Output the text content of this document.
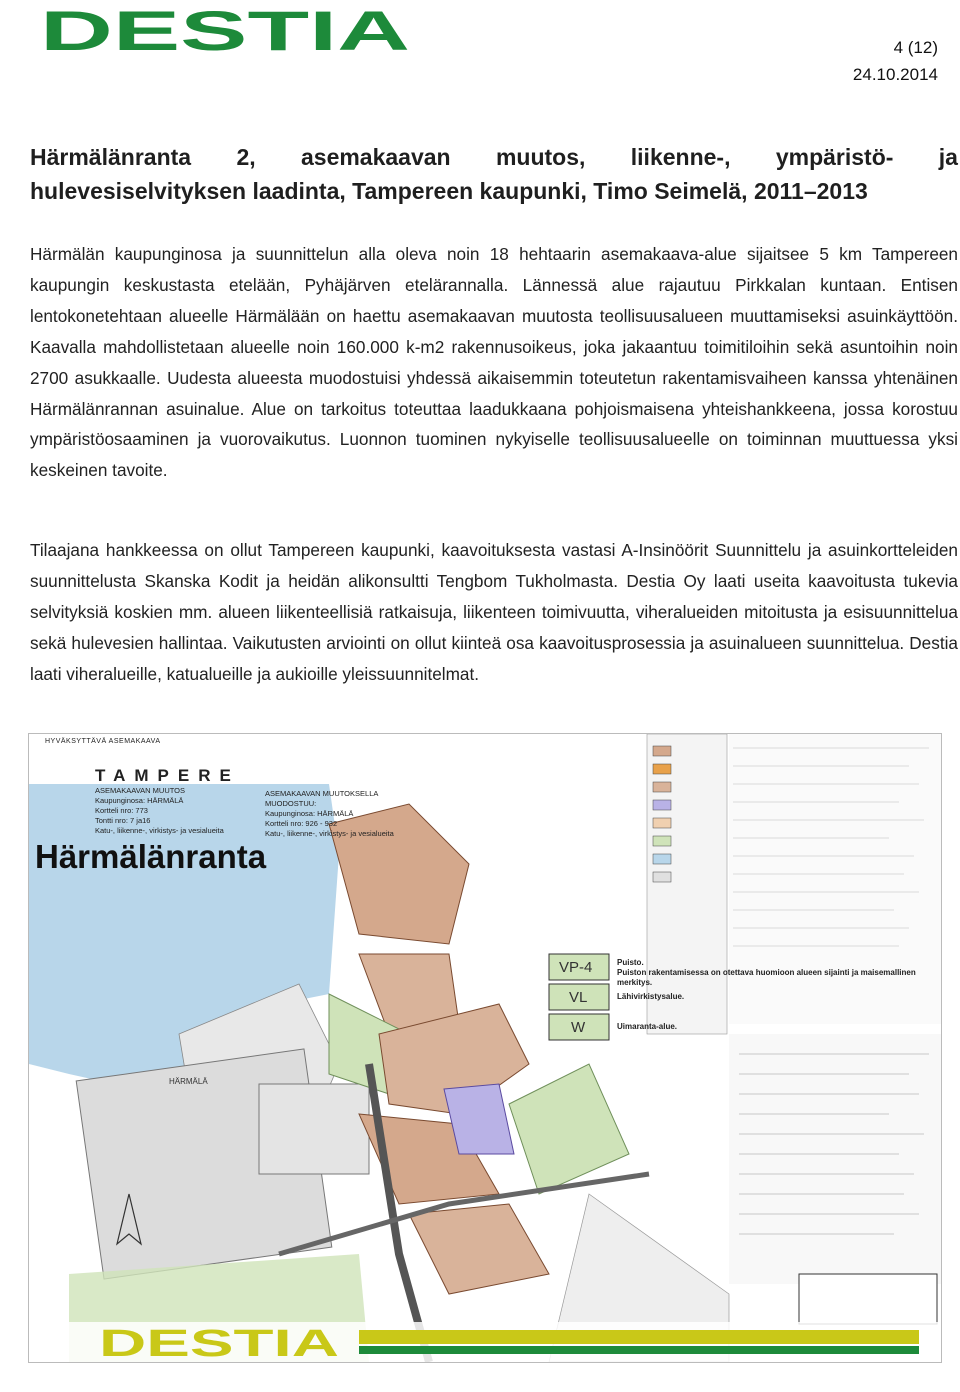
DESTIA	4 (12)
24.10.2014
Härmälänranta 2, asemakaavan muutos, liikenne-, ympäristö- ja
hulevesiselvityksen laadinta, Tampereen kaupunki, Timo Seimelä, 2011–2013

Härmälän kaupunginosa ja suunnittelun alla oleva noin 18 hehtaarin asemakaava-alue sijaitsee 5 km Tampereen kaupungin keskustasta etelään, Pyhäjärven etelärannalla. Lännessä alue rajautuu Pirkkalan kuntaan. Entisen lentokonetehtaan alueelle Härmälään on haettu asemakaavan muutosta teollisuusalueen muuttamiseksi asuinkäyttöön. Kaavalla mahdollistetaan alueelle noin 160.000 k-m2 rakennusoikeus, joka jakaantuu toimitiloihin sekä asuntoihin noin 2700 asukkaalle. Uudesta alueesta muodostuisi yhdessä aikaisemmin toteutetun rakentamisvaiheen kanssa yhtenäinen Härmälänrannan asuinalue. Alue on tarkoitus toteuttaa laadukkaana pohjoismaisena yhteishankkeena, jossa korostuu ympäristöosaaminen ja vuorovaikutus. Luonnon tuominen nykyiselle teollisuusalueelle on toiminnan muuttuessa yksi keskeinen tavoite.

Tilaajana hankkeessa on ollut Tampereen kaupunki, kaavoituksesta vastasi A-Insinöörit Suunnittelu ja asuinkortteleiden suunnittelusta Skanska Kodit ja heidän alikonsultti Tengbom Tukholmasta. Destia Oy laati useita kaavoitusta tukevia selvityksiä koskien mm. alueen liikenteellisiä ratkaisuja, liikenteen toimivuutta, viheralueiden mitoitusta ja esisuunnittelua sekä hulevesien hallintaa. Vaikutusten arviointi on ollut kiinteä osa kaavoitusprosessia ja asuinalueen suunnittelua. Destia laati viheralueille, katualueille ja aukioille yleissuunnitelmat.

DESTIA
HYVÄKSYTTÄVÄ ASEMAKAAVA
TAMPERE
ASEMAKAAVAN MUUTOS
Kaupunginosa: HÄRMÄLÄ
Kortteli nro: 773
Tontti nro: 7 ja16
Katu-, liikenne-, virkistys- ja vesialueita
ASEMAKAAVAN MUUTOKSELLA
MUODOSTUU:
Kaupunginosa: HÄRMÄLÄ
Kortteli nro: 926 - 932
Katu-, liikenne-, virkistys- ja vesialueita
Härmälänranta
HÄRMÄLÄ
VP-4
VL
W
Puisto.
Puiston rakentamisessa on otettava huomioon alueen sijainti ja maisemallinen merkitys.
Lähivirkistysalue.
Uimaranta-alue.
